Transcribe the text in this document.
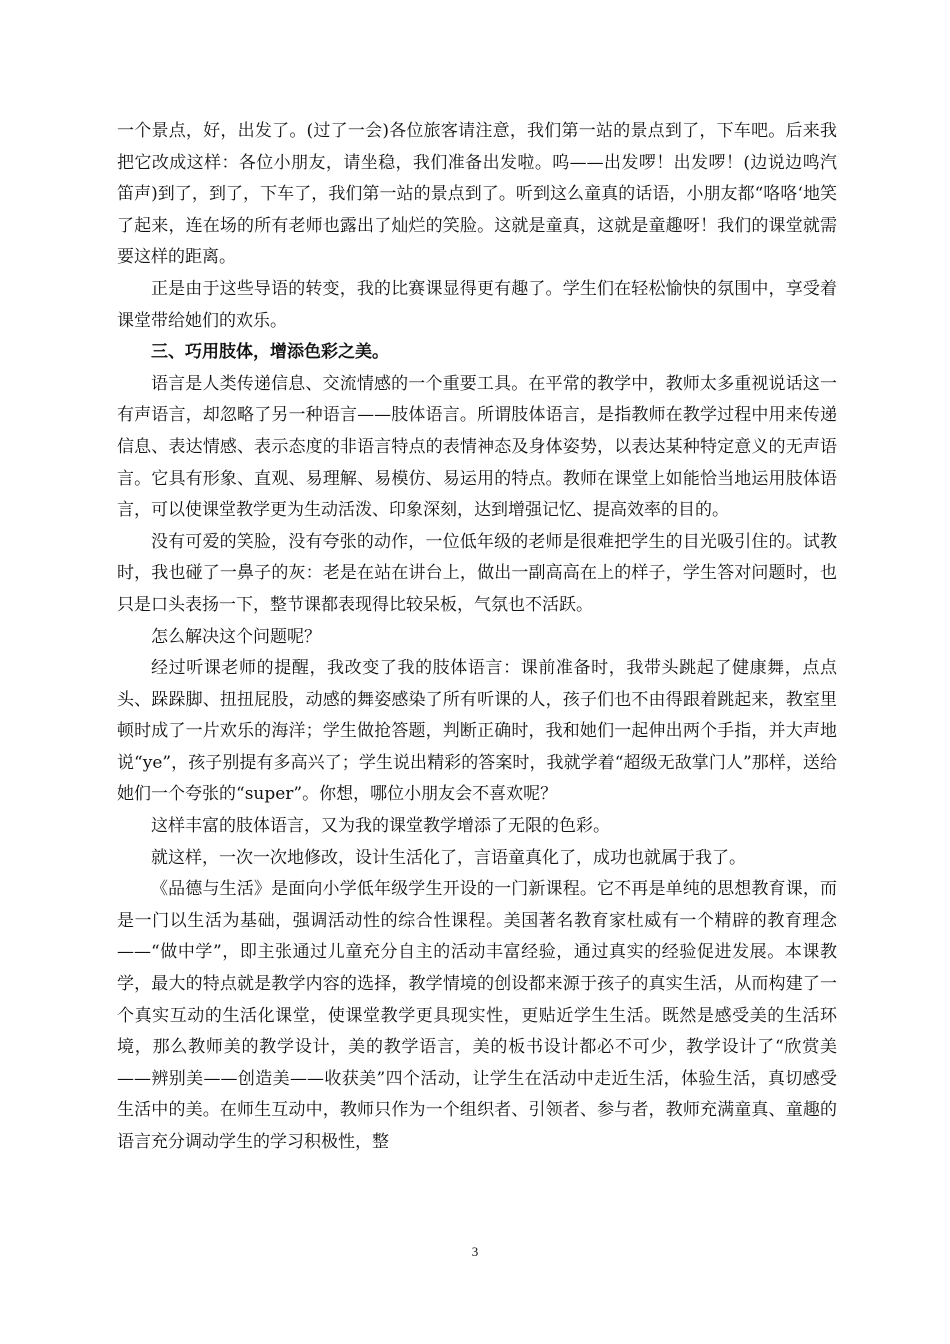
一个景点，好，出发了。(过了一会)各位旅客请注意，我们第一站的景点到了，下车吧。后来我把它改成这样：各位小朋友，请坐稳，我们准备出发啦。呜——出发啰！出发啰！(边说边鸣汽笛声)到了，到了，下车了，我们第一站的景点到了。听到这么童真的话语，小朋友都“咯咯‘地笑了起来，连在场的所有老师也露出了灿烂的笑脸。这就是童真，这就是童趣呀！我们的课堂就需要这样的距离。

正是由于这些导语的转变，我的比赛课显得更有趣了。学生们在轻松愉快的氛围中，享受着课堂带给她们的欢乐。

三、巧用肢体，增添色彩之美。

语言是人类传递信息、交流情感的一个重要工具。在平常的教学中，教师太多重视说话这一有声语言，却忽略了另一种语言——肢体语言。所谓肢体语言，是指教师在教学过程中用来传递信息、表达情感、表示态度的非语言特点的表情神态及身体姿势，以表达某种特定意义的无声语言。它具有形象、直观、易理解、易模仿、易运用的特点。教师在课堂上如能恰当地运用肢体语言，可以使课堂教学更为生动活泼、印象深刻，达到增强记忆、提高效率的目的。

没有可爱的笑脸，没有夸张的动作，一位低年级的老师是很难把学生的目光吸引住的。试教时，我也碰了一鼻子的灰：老是在站在讲台上，做出一副高高在上的样子，学生答对问题时，也只是口头表扬一下，整节课都表现得比较呆板，气氛也不活跃。

怎么解决这个问题呢？

经过听课老师的提醒，我改变了我的肢体语言：课前准备时，我带头跳起了健康舞，点点头、跺跺脚、扭扭屁股，动感的舞姿感染了所有听课的人，孩子们也不由得跟着跳起来，教室里顿时成了一片欢乐的海洋；学生做抢答题，判断正确时，我和她们一起伸出两个手指，并大声地说“ye”，孩子别提有多高兴了；学生说出精彩的答案时，我就学着“超级无敌掌门人”那样，送给她们一个夸张的“super”。你想，哪位小朋友会不喜欢呢？

这样丰富的肢体语言，又为我的课堂教学增添了无限的色彩。

就这样，一次一次地修改，设计生活化了，言语童真化了，成功也就属于我了。

《品德与生活》是面向小学低年级学生开设的一门新课程。它不再是单纯的思想教育课，而是一门以生活为基础，强调活动性的综合性课程。美国著名教育家杜威有一个精辟的教育理念——“做中学”，即主张通过儿童充分自主的活动丰富经验，通过真实的经验促进发展。本课教学，最大的特点就是教学内容的选择，教学情境的创设都来源于孩子的真实生活，从而构建了一个真实互动的生活化课堂，使课堂教学更具现实性，更贴近学生生活。既然是感受美的生活环境，那么教师美的教学设计，美的教学语言，美的板书设计都必不可少，教学设计了“欣赏美——辨别美——创造美——收获美”四个活动，让学生在活动中走近生活，体验生活，真切感受生活中的美。在师生互动中，教师只作为一个组织者、引领者、参与者，教师充满童真、童趣的语言充分调动学生的学习积极性，整

3
